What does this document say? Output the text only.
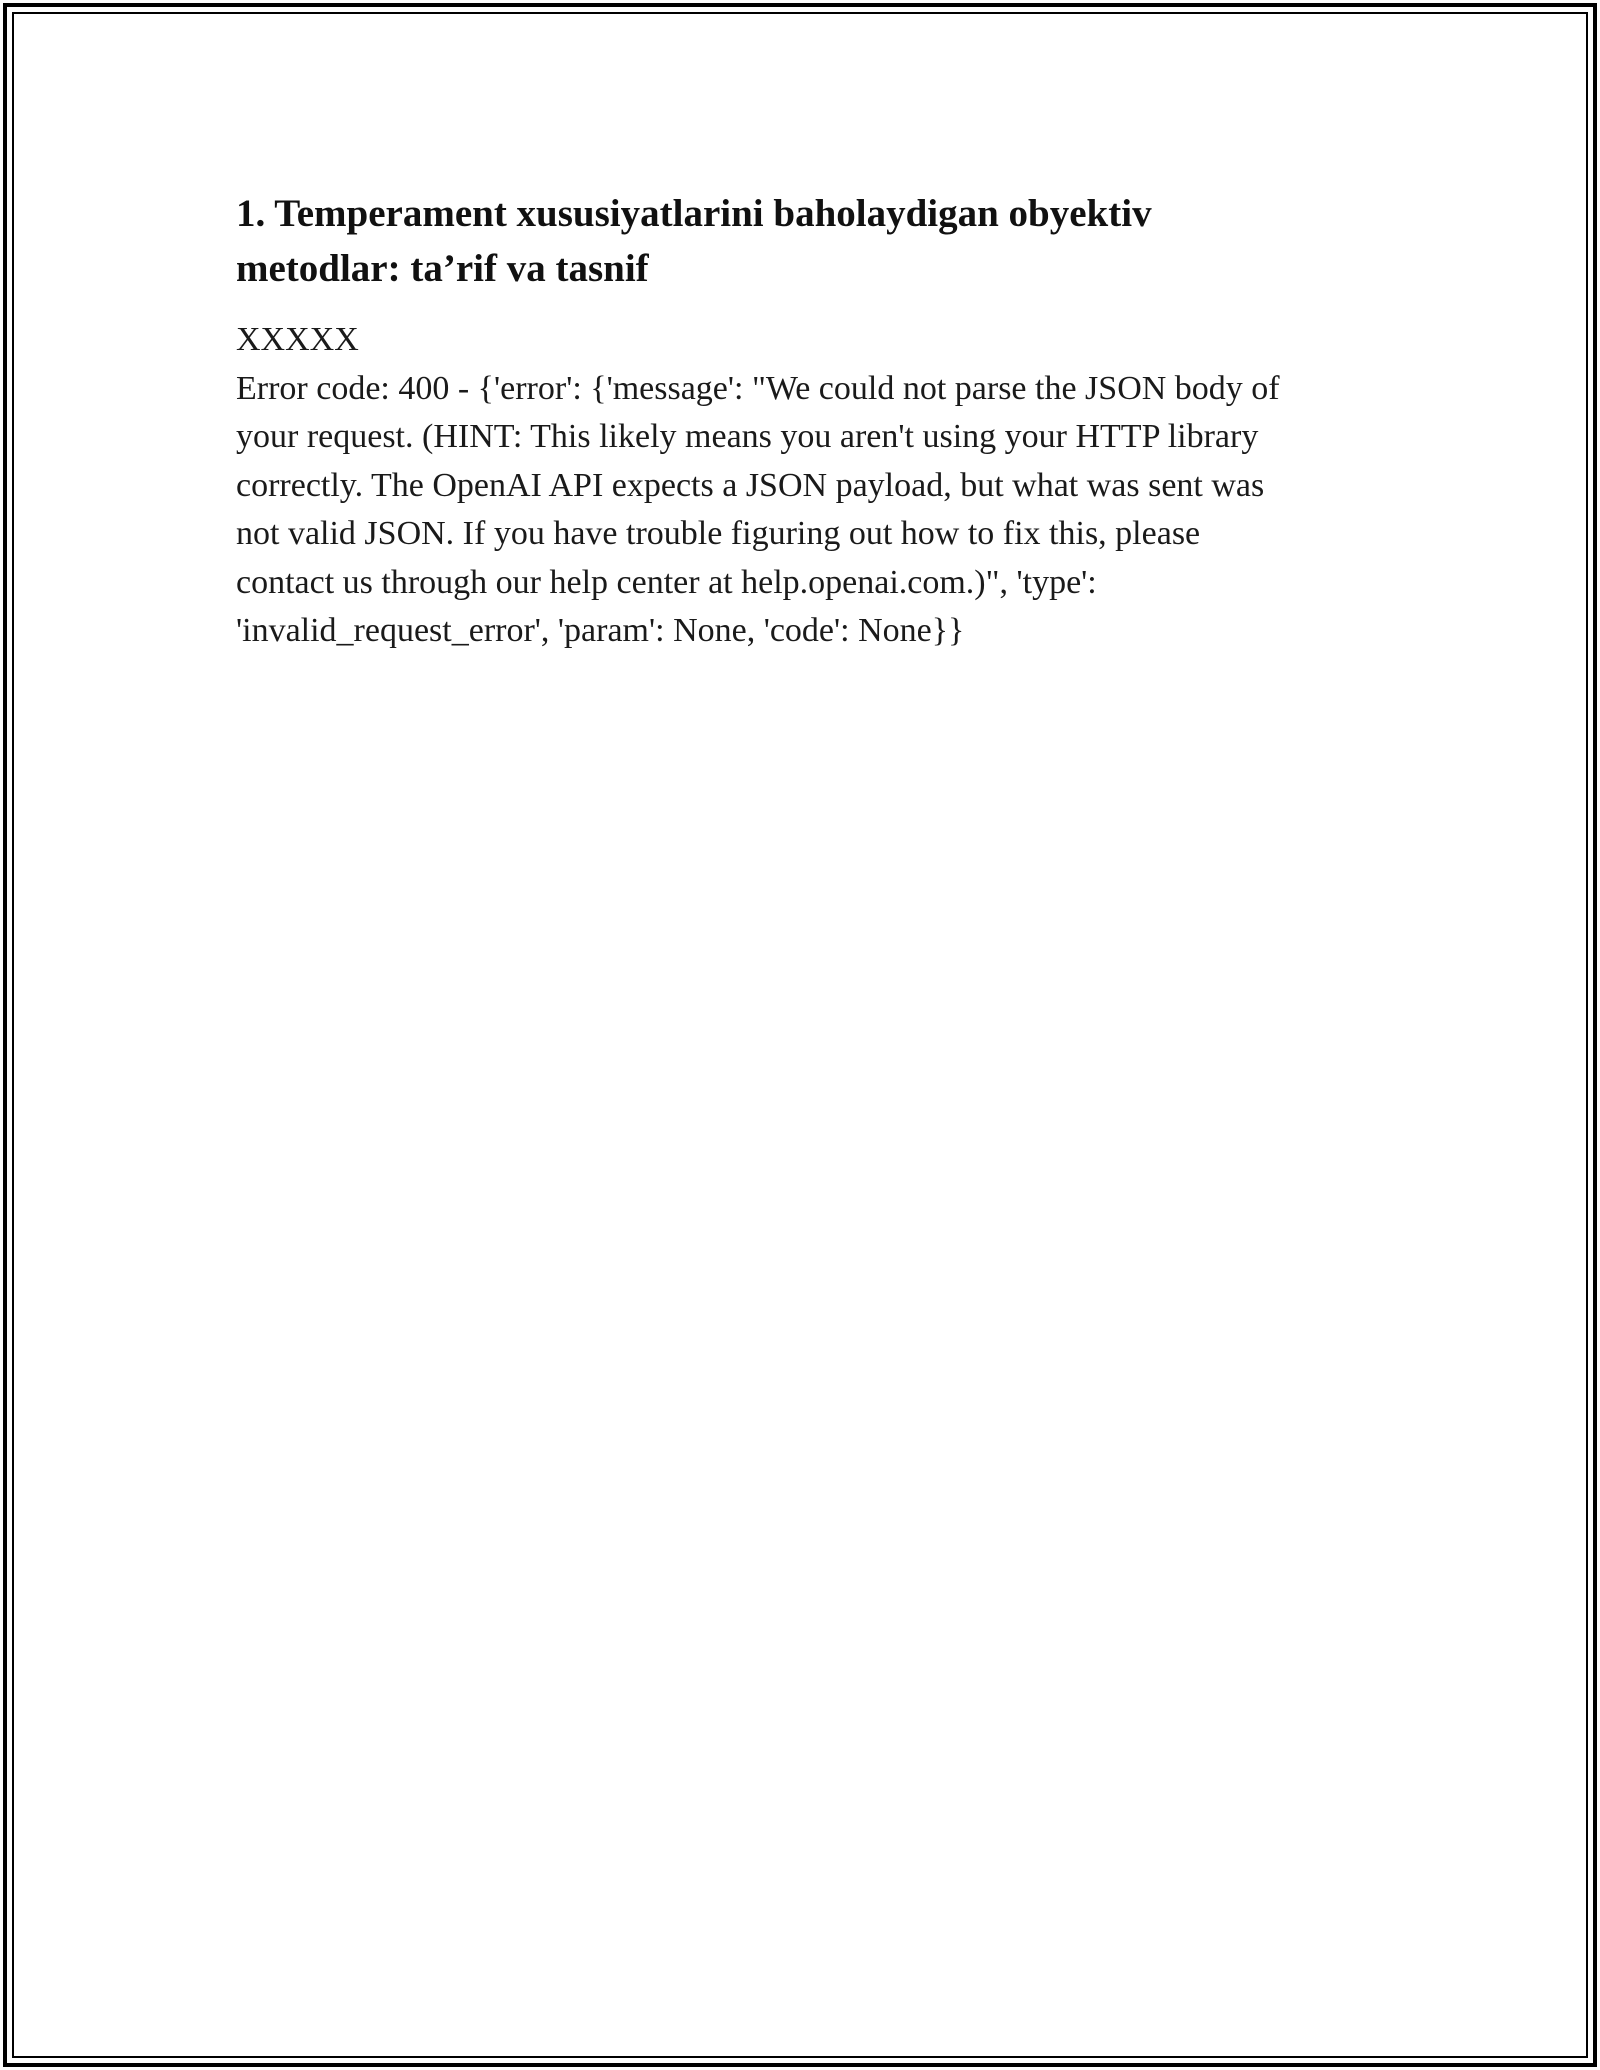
1. Temperament xususiyatlarini baholaydigan obyektiv
metodlar: ta’rif va tasnif
XXXXX
Error code: 400 - {'error': {'message': "We could not parse the JSON body of
your request. (HINT: This likely means you aren't using your HTTP library
correctly. The OpenAI API expects a JSON payload, but what was sent was
not valid JSON. If you have trouble figuring out how to fix this, please
contact us through our help center at help.openai.com.)", 'type':
'invalid_request_error', 'param': None, 'code': None}}
